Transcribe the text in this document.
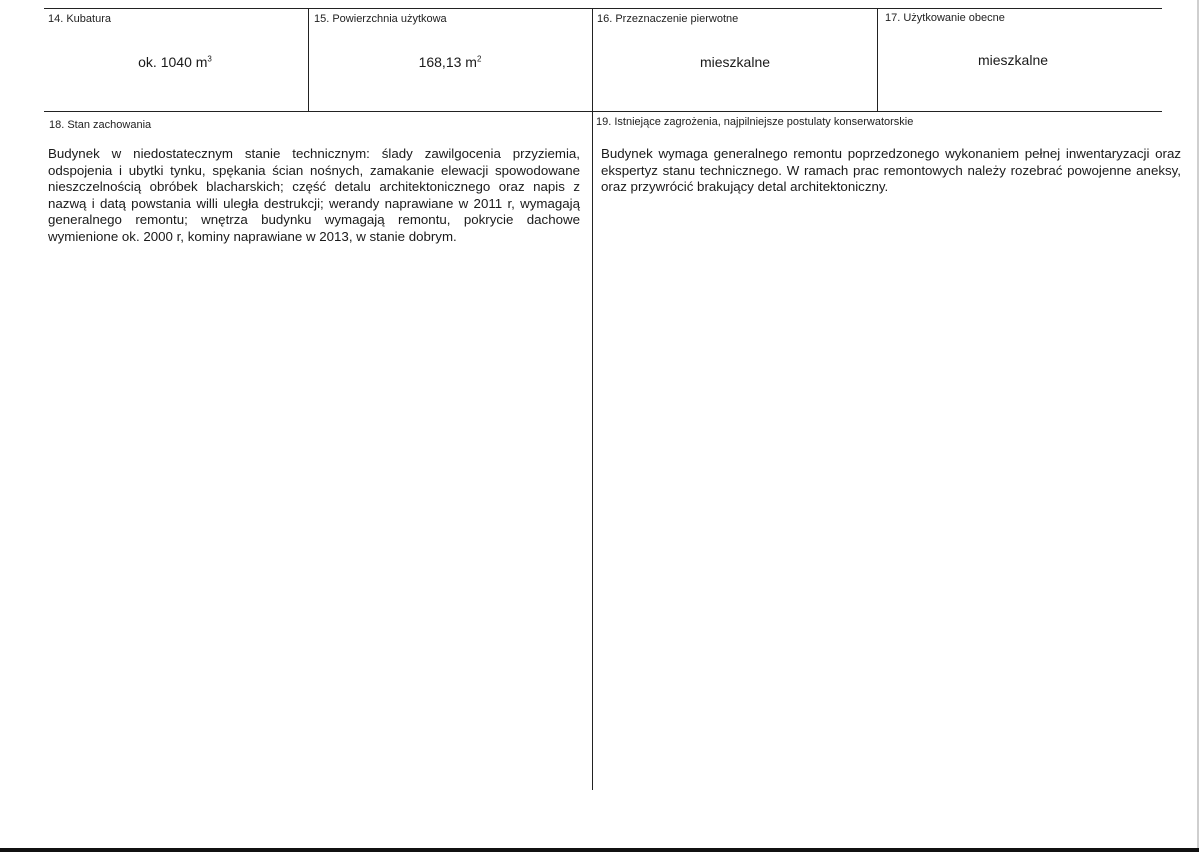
14. Kubatura
ok. 1040 $m^3$
15. Powierzchnia użytkowa
168,13 $m^2$
16. Przeznaczenie pierwotne
mieszkalne
17. Użytkowanie obecne
mieszkalne
18. Stan zachowania
Budynek w niedostatecznym stanie technicznym: ślady zawilgocenia przyziemia, odspojenia i ubytki tynku, spękania ścian nośnych, zamakanie elewacji spowodowane nieszczelnością obróbek blacharskich; część detalu architektonicznego oraz napis z nazwą i datą powstania willi uległa destrukcji; werandy naprawiane w 2011 r, wymagają generalnego remontu; wnętrza budynku wymagają remontu, pokrycie dachowe wymienione ok. 2000 r, kominy naprawiane w 2013, w stanie dobrym.
19. Istniejące zagrożenia, najpilniejsze postulaty konserwatorskie
Budynek wymaga generalnego remontu poprzedzonego wykonaniem pełnej inwentaryzacji oraz ekspertyz stanu technicznego. W ramach prac remontowych należy rozebrać powojenne aneksy, oraz przywrócić brakujący detal architektoniczny.
